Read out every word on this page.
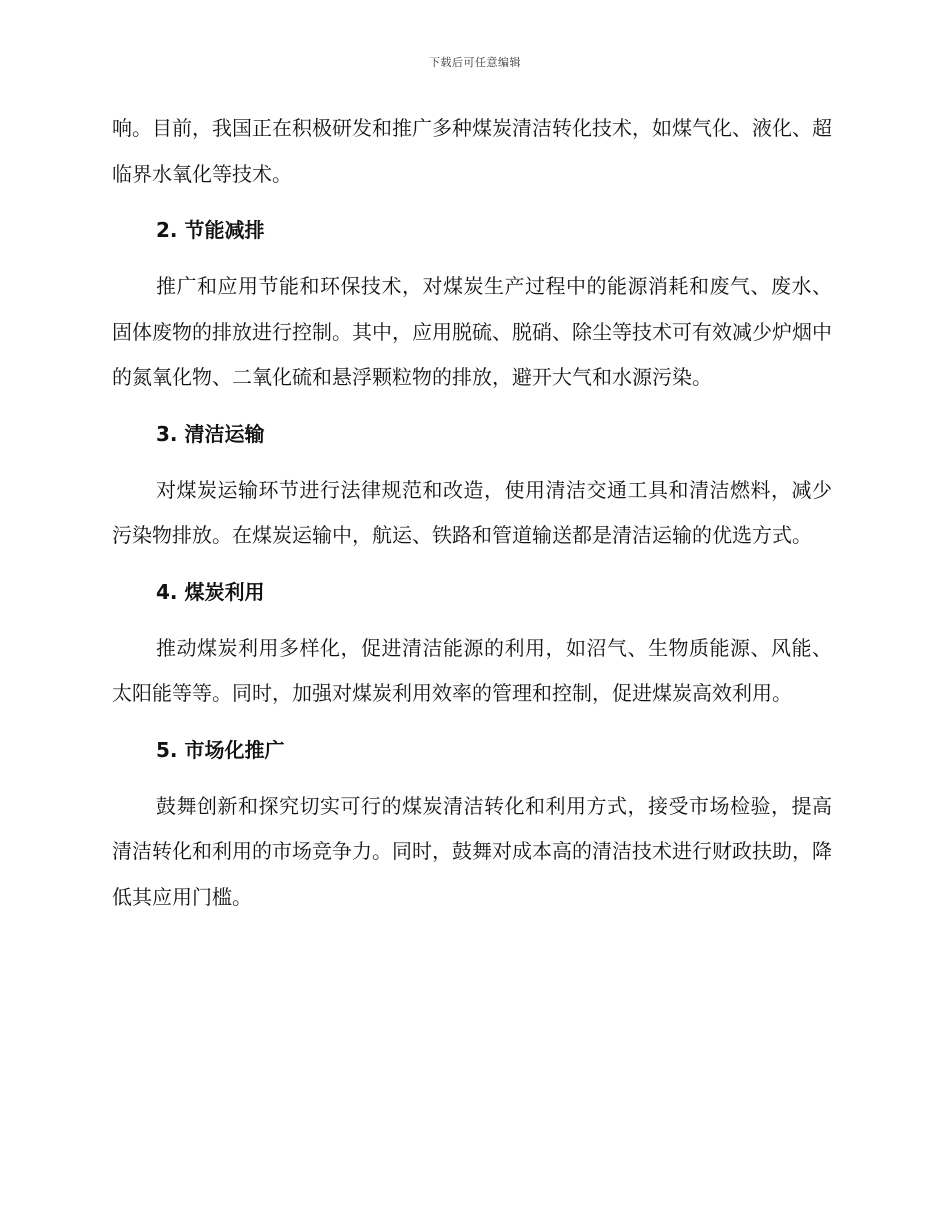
下载后可任意编辑

响。目前，我国正在积极研发和推广多种煤炭清洁转化技术，如煤气化、液化、超临界水氧化等技术。

2. 节能减排

推广和应用节能和环保技术，对煤炭生产过程中的能源消耗和废气、废水、固体废物的排放进行控制。其中，应用脱硫、脱硝、除尘等技术可有效减少炉烟中的氮氧化物、二氧化硫和悬浮颗粒物的排放，避开大气和水源污染。

3. 清洁运输

对煤炭运输环节进行法律规范和改造，使用清洁交通工具和清洁燃料，减少污染物排放。在煤炭运输中，航运、铁路和管道输送都是清洁运输的优选方式。

4. 煤炭利用

推动煤炭利用多样化，促进清洁能源的利用，如沼气、生物质能源、风能、太阳能等等。同时，加强对煤炭利用效率的管理和控制，促进煤炭高效利用。

5. 市场化推广

鼓舞创新和探究切实可行的煤炭清洁转化和利用方式，接受市场检验，提高清洁转化和利用的市场竞争力。同时，鼓舞对成本高的清洁技术进行财政扶助，降低其应用门槛。
